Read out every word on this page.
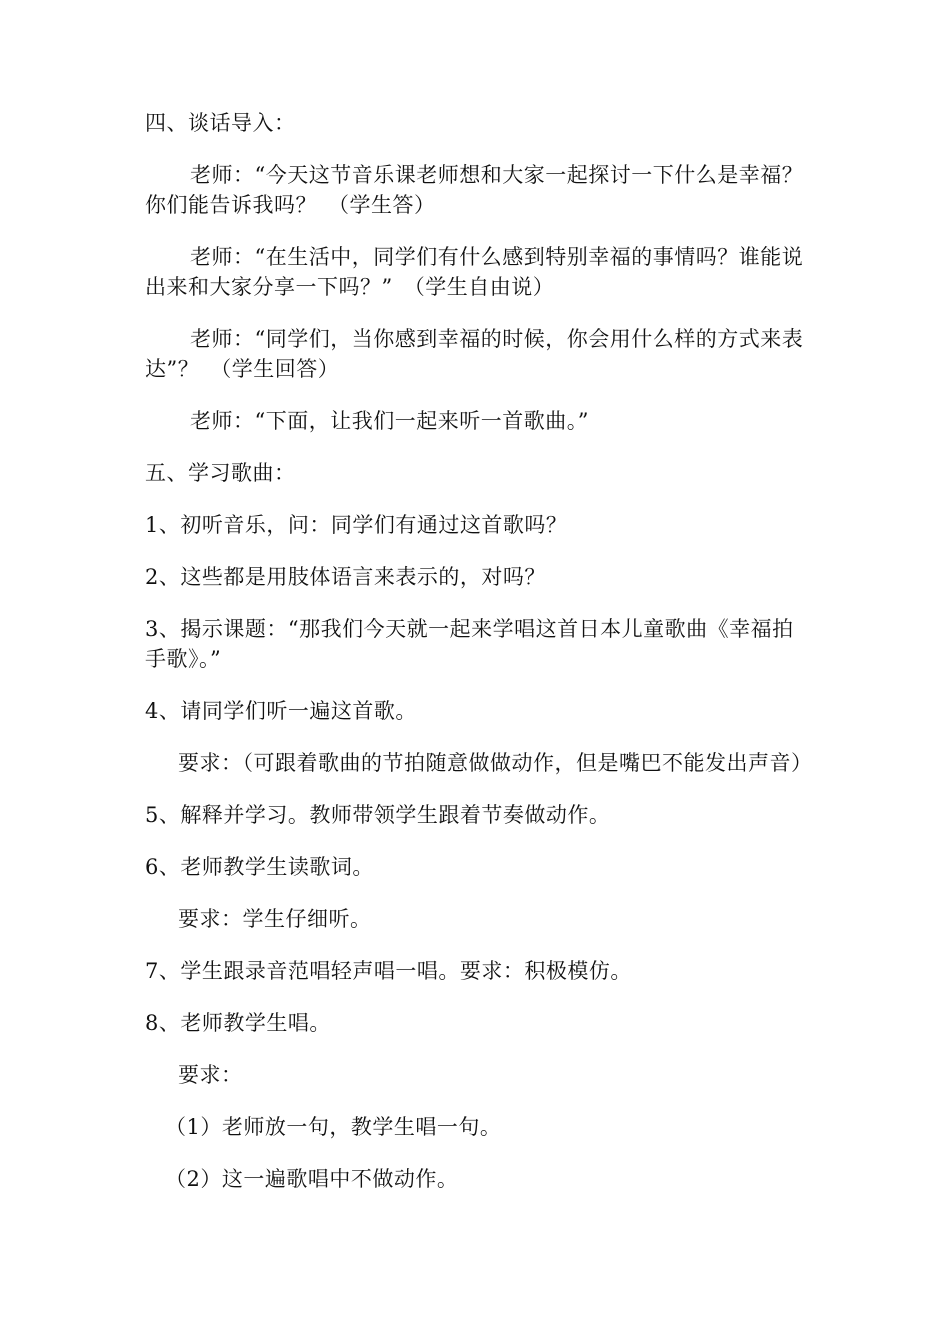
四、谈话导入：

老师：“今天这节音乐课老师想和大家一起探讨一下什么是幸福？你们能告诉我吗？　（学生答）

老师：“在生活中，同学们有什么感到特别幸福的事情吗？谁能说出来和大家分享一下吗？”　（学生自由说）

老师：“同学们，当你感到幸福的时候，你会用什么样的方式来表达”？　（学生回答）

老师：“下面，让我们一起来听一首歌曲。”

五、学习歌曲：

1、初听音乐，问：同学们有通过这首歌吗？

2、这些都是用肢体语言来表示的，对吗？

3、揭示课题：“那我们今天就一起来学唱这首日本儿童歌曲《幸福拍手歌》。”

4、请同学们听一遍这首歌。

要求：（可跟着歌曲的节拍随意做做动作，但是嘴巴不能发出声音）

5、解释并学习。教师带领学生跟着节奏做动作。

6、老师教学生读歌词。

要求：学生仔细听。

7、学生跟录音范唱轻声唱一唱。要求：积极模仿。

8、老师教学生唱。

要求：

（1）老师放一句，教学生唱一句。

（2）这一遍歌唱中不做动作。
